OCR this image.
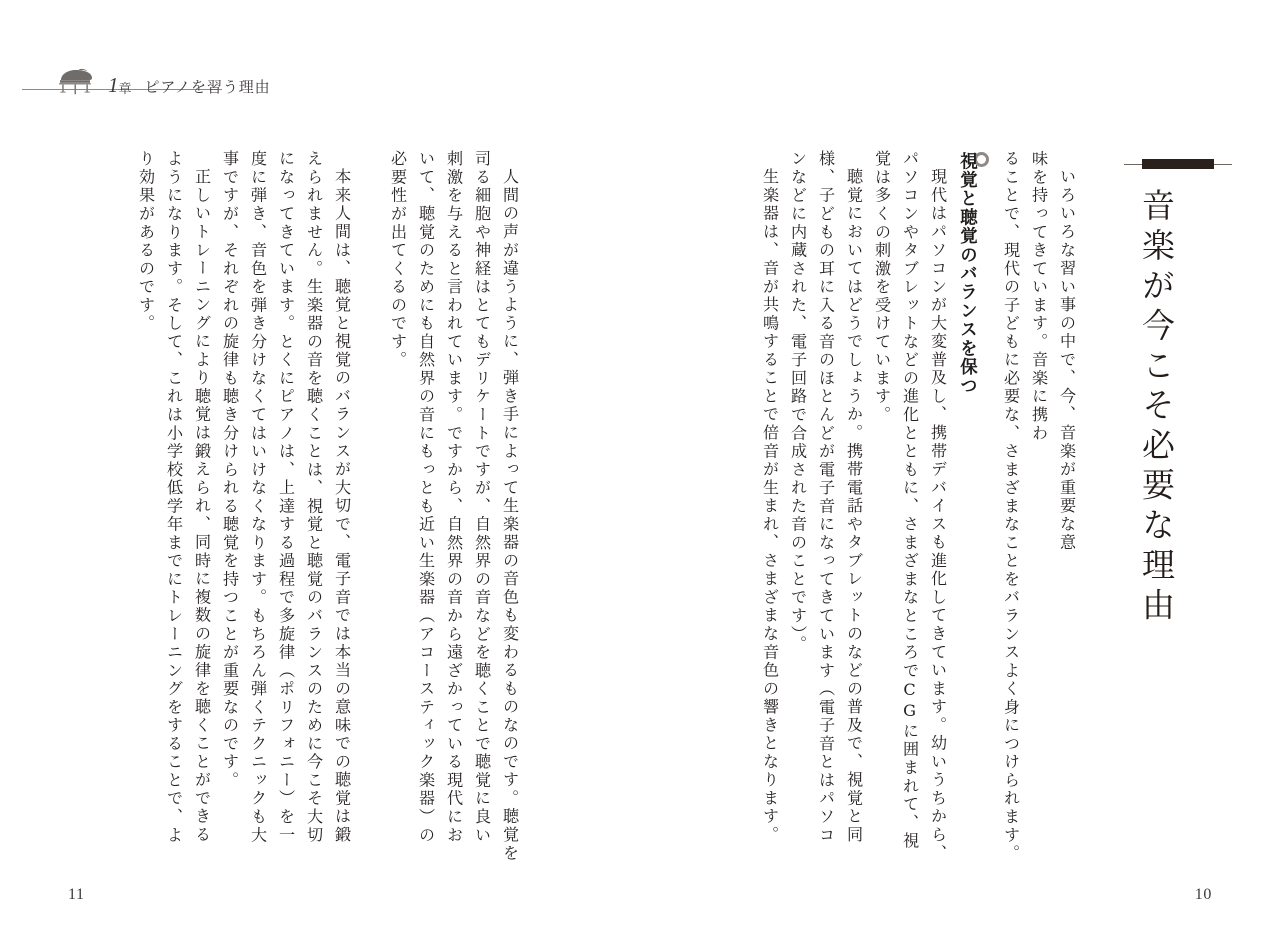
1 章 ピアノを習う理由
音楽が今こそ必要な理由
いろいろな習い事の中で、今、音楽が重要な意
味を持ってきています。音楽に携わ
ることで、現代の子どもに必要な、さまざまなことをバランスよく身につけられます。
視覚と聴覚のバランスを保つ
現代はパソコンが大変普及し、携帯デバイスも進化してきています。幼いうちから、
パソコンやタブレットなどの進化とともに、さまざまなところでCGに囲まれて、視
覚は多くの刺激を受けています。
聴覚においてはどうでしょうか。携帯電話やタブレットのなどの普及で、視覚と同
様、子どもの耳に入る音のほとんどが電子音になってきています（電子音とはパソコ
ンなどに内蔵された、電子回路で合成された音のことです）。
生楽器は、音が共鳴することで倍音が生まれ、さまざまな音色の響きとなります。
人間の声が違うように、弾き手によって生楽器の音色も変わるものなのです。聴覚を
司る細胞や神経はとてもデリケートですが、自然界の音などを聴くことで聴覚に良い
刺激を与えると言われています。ですから、自然界の音から遠ざかっている現代にお
いて、聴覚のためにも自然界の音にもっとも近い生楽器（アコースティック楽器）の
必要性が出てくるのです。
本来人間は、聴覚と視覚のバランスが大切で、電子音では本当の意味での聴覚は鍛
えられません。生楽器の音を聴くことは、視覚と聴覚のバランスのために今こそ大切
になってきています。とくにピアノは、上達する過程で多旋律（ポリフォニー）を一
度に弾き、音色を弾き分けなくてはいけなくなります。もちろん弾くテクニックも大
事ですが、それぞれの旋律も聴き分けられる聴覚を持つことが重要なのです。
正しいトレーニングにより聴覚は鍛えられ、同時に複数の旋律を聴くことができる
ようになります。そして、これは小学校低学年までにトレーニングをすることで、よ
り効果があるのです。
11	10
